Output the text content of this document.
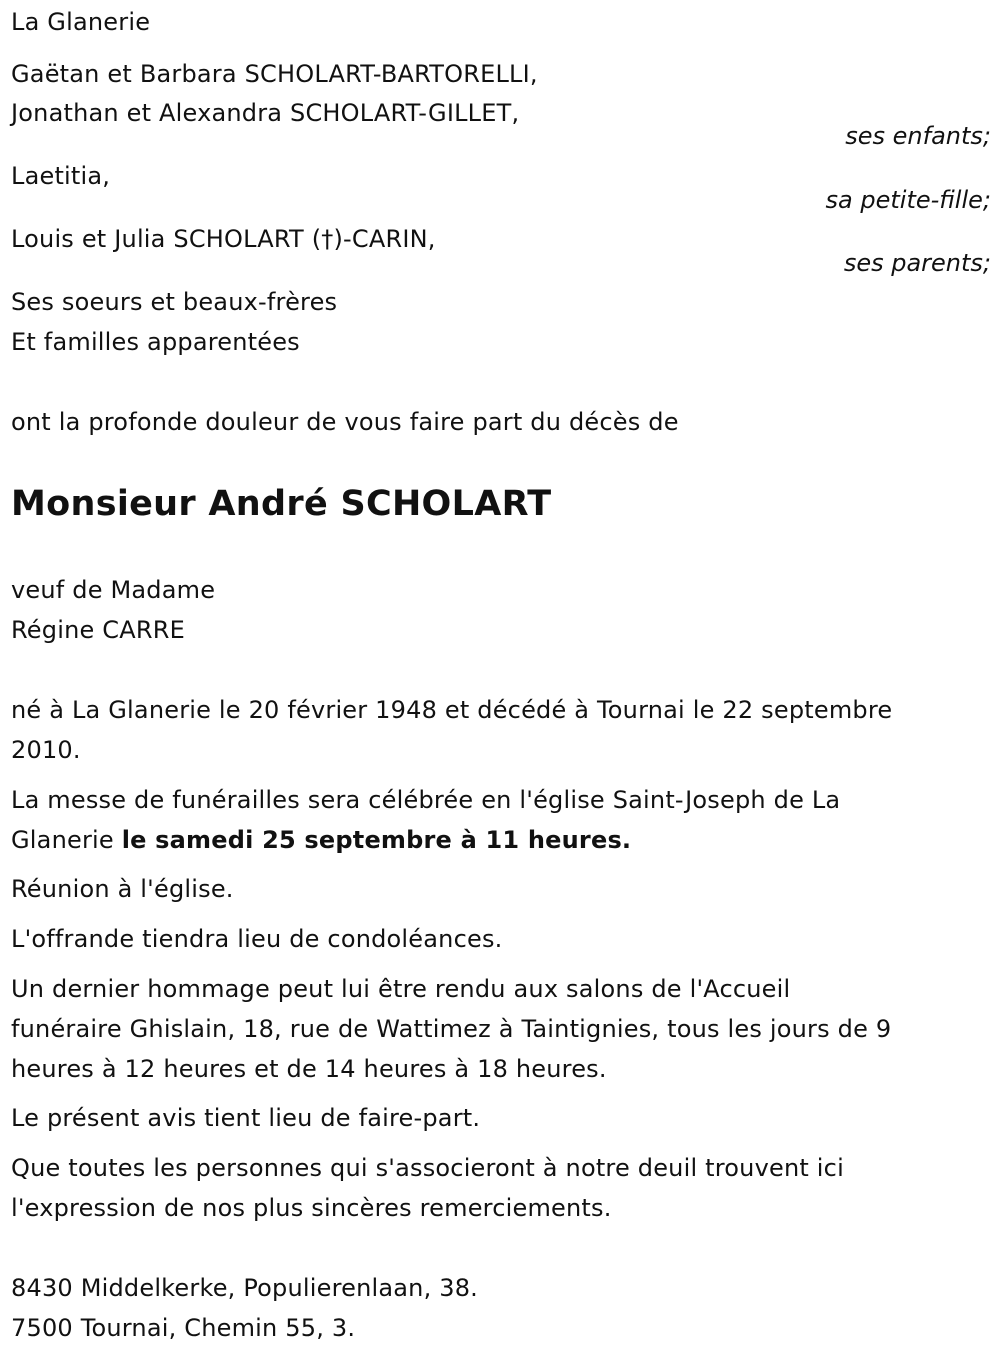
La Glanerie
Gaëtan et Barbara SCHOLART-BARTORELLI,
Jonathan et Alexandra SCHOLART-GILLET,
ses enfants;
Laetitia,
sa petite-fille;
Louis et Julia SCHOLART (†)-CARIN,
ses parents;
Ses soeurs et beaux-frères
Et familles apparentées
ont la profonde douleur de vous faire part du décès de
Monsieur André SCHOLART
veuf de Madame
Régine CARRE
né à La Glanerie le 20 février 1948 et décédé à Tournai le 22 septembre
2010.
La messe de funérailles sera célébrée en l'église Saint-Joseph de La
Glanerie le samedi 25 septembre à 11 heures.
Réunion à l'église.
L'offrande tiendra lieu de condoléances.
Un dernier hommage peut lui être rendu aux salons de l'Accueil
funéraire Ghislain, 18, rue de Wattimez à Taintignies, tous les jours de 9
heures à 12 heures et de 14 heures à 18 heures.
Le présent avis tient lieu de faire-part.
Que toutes les personnes qui s'associeront à notre deuil trouvent ici
l'expression de nos plus sincères remerciements.
8430 Middelkerke, Populierenlaan, 38.
7500 Tournai, Chemin 55, 3.
